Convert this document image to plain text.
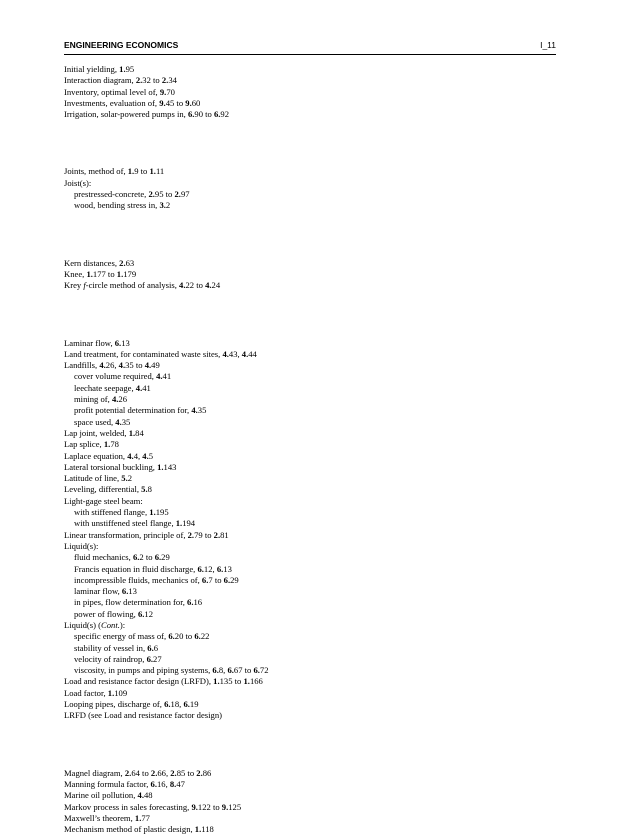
ENGINEERING ECONOMICS	I_11
Initial yielding, 1.95
Interaction diagram, 2.32 to 2.34
Inventory, optimal level of, 9.70
Investments, evaluation of, 9.45 to 9.60
Irrigation, solar-powered pumps in, 6.90 to 6.92
Joints, method of, 1.9 to 1.11
Joist(s):
prestressed-concrete, 2.95 to 2.97
wood, bending stress in, 3.2
Kern distances, 2.63
Knee, 1.177 to 1.179
Krey f-circle method of analysis, 4.22 to 4.24
Laminar flow, 6.13
Land treatment, for contaminated waste sites, 4.43, 4.44
Landfills, 4.26, 4.35 to 4.49
cover volume required, 4.41
leechate seepage, 4.41
mining of, 4.26
profit potential determination for, 4.35
space used, 4.35
Lap joint, welded, 1.84
Lap splice, 1.78
Laplace equation, 4.4, 4.5
Lateral torsional buckling, 1.143
Latitude of line, 5.2
Leveling, differential, 5.8
Light-gage steel beam:
with stiffened flange, 1.195
with unstiffened steel flange, 1.194
Linear transformation, principle of, 2.79 to 2.81
Liquid(s):
fluid mechanics, 6.2 to 6.29
Francis equation in fluid discharge, 6.12, 6.13
incompressible fluids, mechanics of, 6.7 to 6.29
laminar flow, 6.13
in pipes, flow determination for, 6.16
power of flowing, 6.12
Liquid(s) (Cont.):
specific energy of mass of, 6.20 to 6.22
stability of vessel in, 6.6
velocity of raindrop, 6.27
viscosity, in pumps and piping systems, 6.8, 6.67 to 6.72
Load and resistance factor design (LRFD), 1.135 to 1.166
Load factor, 1.109
Looping pipes, discharge of, 6.18, 6.19
LRFD (see Load and resistance factor design)
Magnel diagram, 2.64 to 2.66, 2.85 to 2.86
Manning formula factor, 6.16, 8.47
Marine oil pollution, 4.48
Markov process in sales forecasting, 9.122 to 9.125
Maxwell’s theorem, 1.77
Mechanism method of plastic design, 1.118
